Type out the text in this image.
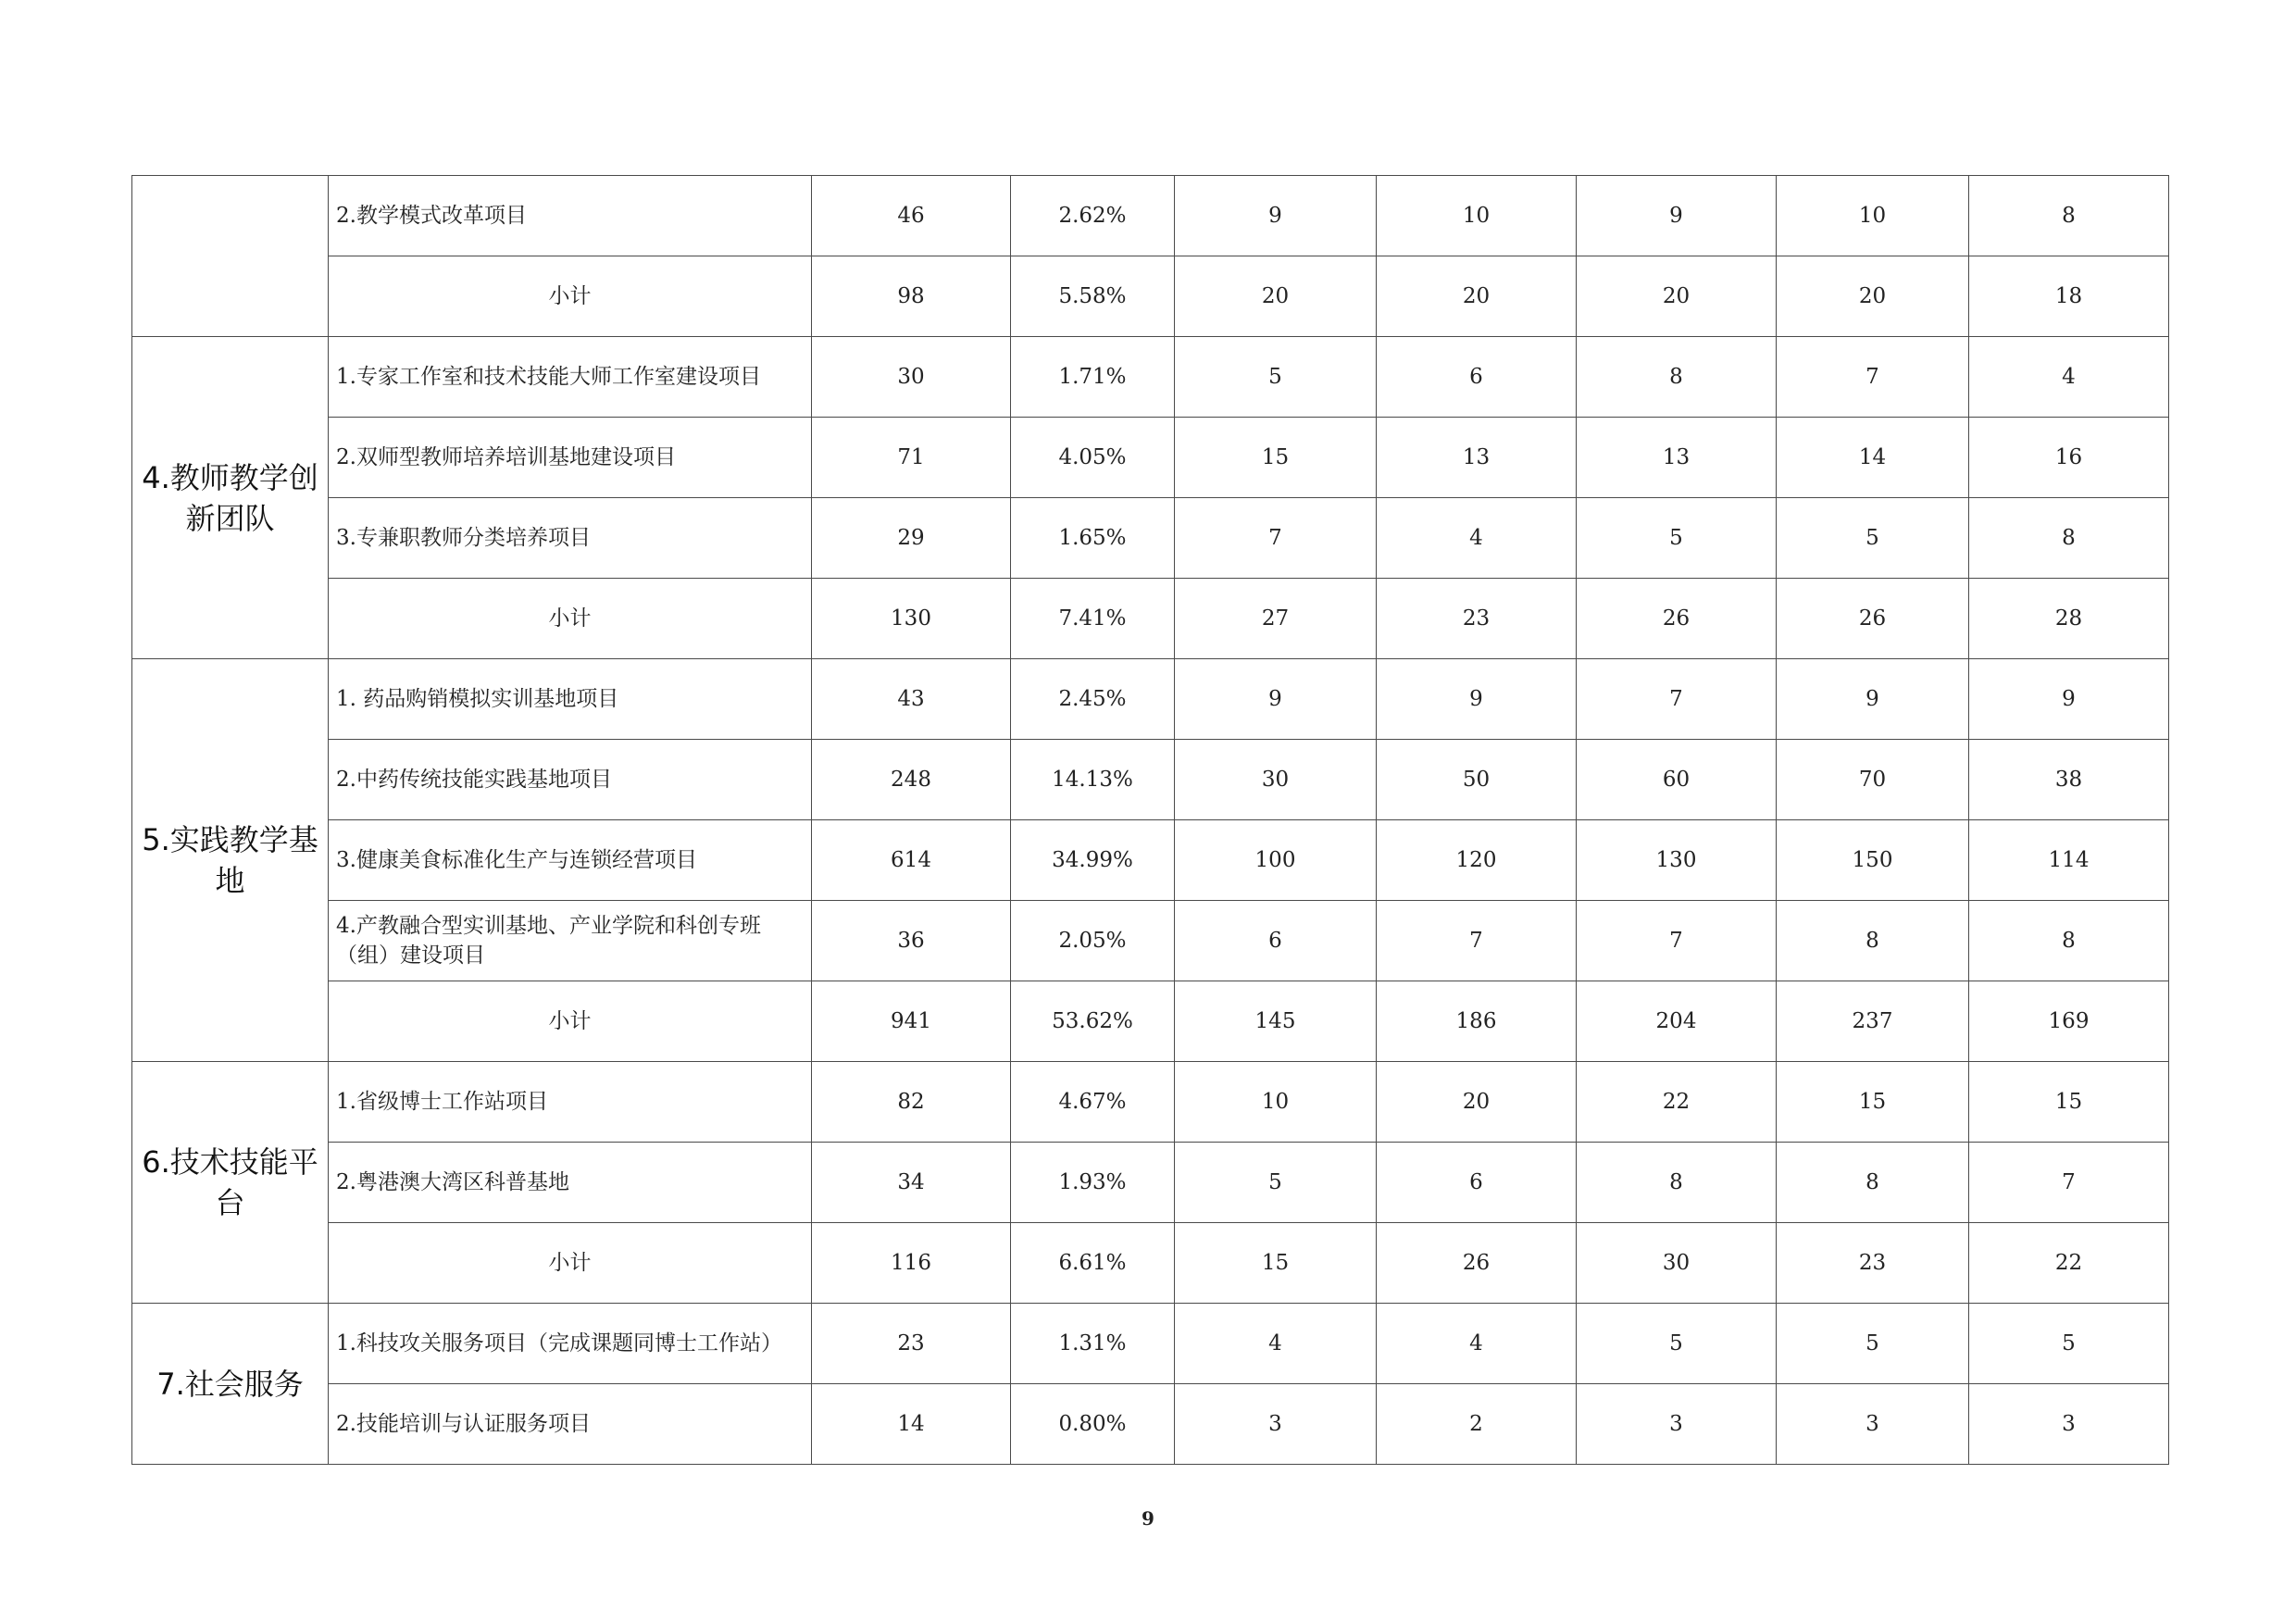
	2.教学模式改革项目	46	2.62%	9	10	9	10	8
	小计	98	5.58%	20	20	20	20	18
4.教师教学创新团队	1.专家工作室和技术技能大师工作室建设项目	30	1.71%	5	6	8	7	4
	2.双师型教师培养培训基地建设项目	71	4.05%	15	13	13	14	16
	3.专兼职教师分类培养项目	29	1.65%	7	4	5	5	8
	小计	130	7.41%	27	23	26	26	28
5.实践教学基地	1. 药品购销模拟实训基地项目	43	2.45%	9	9	7	9	9
	2.中药传统技能实践基地项目	248	14.13%	30	50	60	70	38
	3.健康美食标准化生产与连锁经营项目	614	34.99%	100	120	130	150	114
	4.产教融合型实训基地、产业学院和科创专班（组）建设项目	36	2.05%	6	7	7	8	8
	小计	941	53.62%	145	186	204	237	169
6.技术技能平台	1.省级博士工作站项目	82	4.67%	10	20	22	15	15
	2.粤港澳大湾区科普基地	34	1.93%	5	6	8	8	7
	小计	116	6.61%	15	26	30	23	22
7.社会服务	1.科技攻关服务项目（完成课题同博士工作站）	23	1.31%	4	4	5	5	5
	2.技能培训与认证服务项目	14	0.80%	3	2	3	3	3
9
